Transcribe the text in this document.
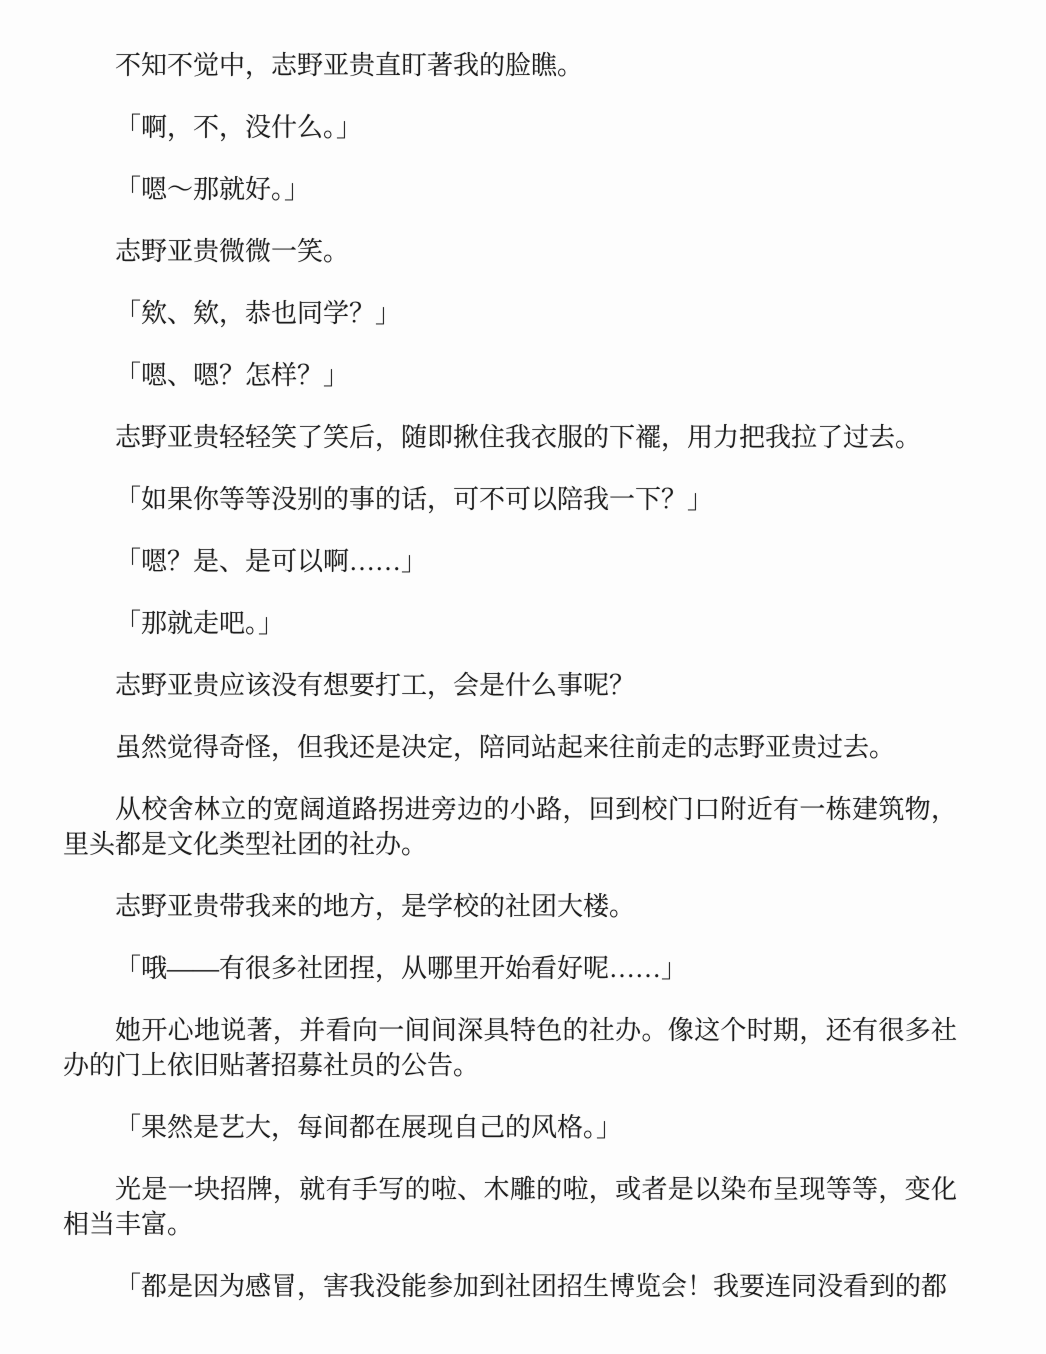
不知不觉中，志野亚贵直盯著我的脸瞧。

「啊，不，没什么。」

「嗯～那就好。」

志野亚贵微微一笑。

「欸、欸，恭也同学？」

「嗯、嗯？怎样？」

志野亚贵轻轻笑了笑后，随即揪住我衣服的下襬，用力把我拉了过去。

「如果你等等没别的事的话，可不可以陪我一下？」

「嗯？是、是可以啊……」

「那就走吧。」

志野亚贵应该没有想要打工，会是什么事呢？

虽然觉得奇怪，但我还是决定，陪同站起来往前走的志野亚贵过去。

从校舍林立的宽阔道路拐进旁边的小路，回到校门口附近有一栋建筑物，里头都是文化类型社团的社办。

志野亚贵带我来的地方，是学校的社团大楼。

「哦——有很多社团捏，从哪里开始看好呢……」

她开心地说著，并看向一间间深具特色的社办。像这个时期，还有很多社办的门上依旧贴著招募社员的公告。

「果然是艺大，每间都在展现自己的风格。」

光是一块招牌，就有手写的啦、木雕的啦，或者是以染布呈现等等，变化相当丰富。

「都是因为感冒，害我没能参加到社团招生博览会！我要连同没看到的都
